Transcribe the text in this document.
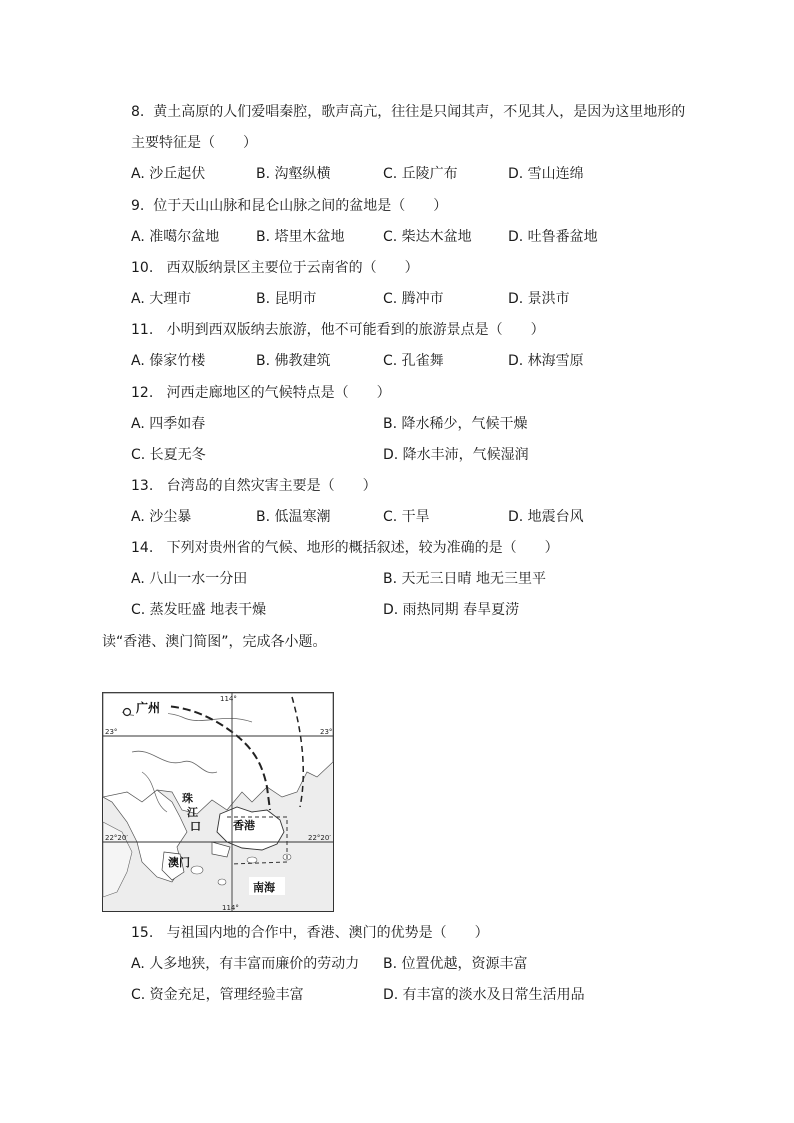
8. 黄土高原的人们爱唱秦腔，歌声高亢，往往是只闻其声，不见其人，是因为这里地形的
主要特征是（　　）
A. 沙丘起伏	B. 沟壑纵横	C. 丘陵广布	D. 雪山连绵
9. 位于天山山脉和昆仑山脉之间的盆地是（　　）
A. 准噶尔盆地	B. 塔里木盆地	C. 柴达木盆地	D. 吐鲁番盆地
10. 西双版纳景区主要位于云南省的（　　）
A. 大理市	B. 昆明市	C. 腾冲市	D. 景洪市
11. 小明到西双版纳去旅游，他不可能看到的旅游景点是（　　）
A. 傣家竹楼	B. 佛教建筑	C. 孔雀舞	D. 林海雪原
12. 河西走廊地区的气候特点是（　　）
A. 四季如春	B. 降水稀少，气候干燥
C. 长夏无冬	D. 降水丰沛，气候湿润
13. 台湾岛的自然灾害主要是（　　）
A. 沙尘暴	B. 低温寒潮	C. 干旱	D. 地震台风
14. 下列对贵州省的气候、地形的概括叙述，较为准确的是（　　）
A. 八山一水一分田	B. 天无三日晴 地无三里平
C. 蒸发旺盛 地表干燥	D. 雨热同期 春旱夏涝
读“香港、澳门简图”，完成各小题。
广州
114°
23°	23°
22°20′	22°20′
114°
珠
江
口	香港
澳门
南海
15. 与祖国内地的合作中，香港、澳门的优势是（　　）
A. 人多地狭，有丰富而廉价的劳动力 B. 位置优越，资源丰富
C. 资金充足，管理经验丰富	D. 有丰富的淡水及日常生活用品
